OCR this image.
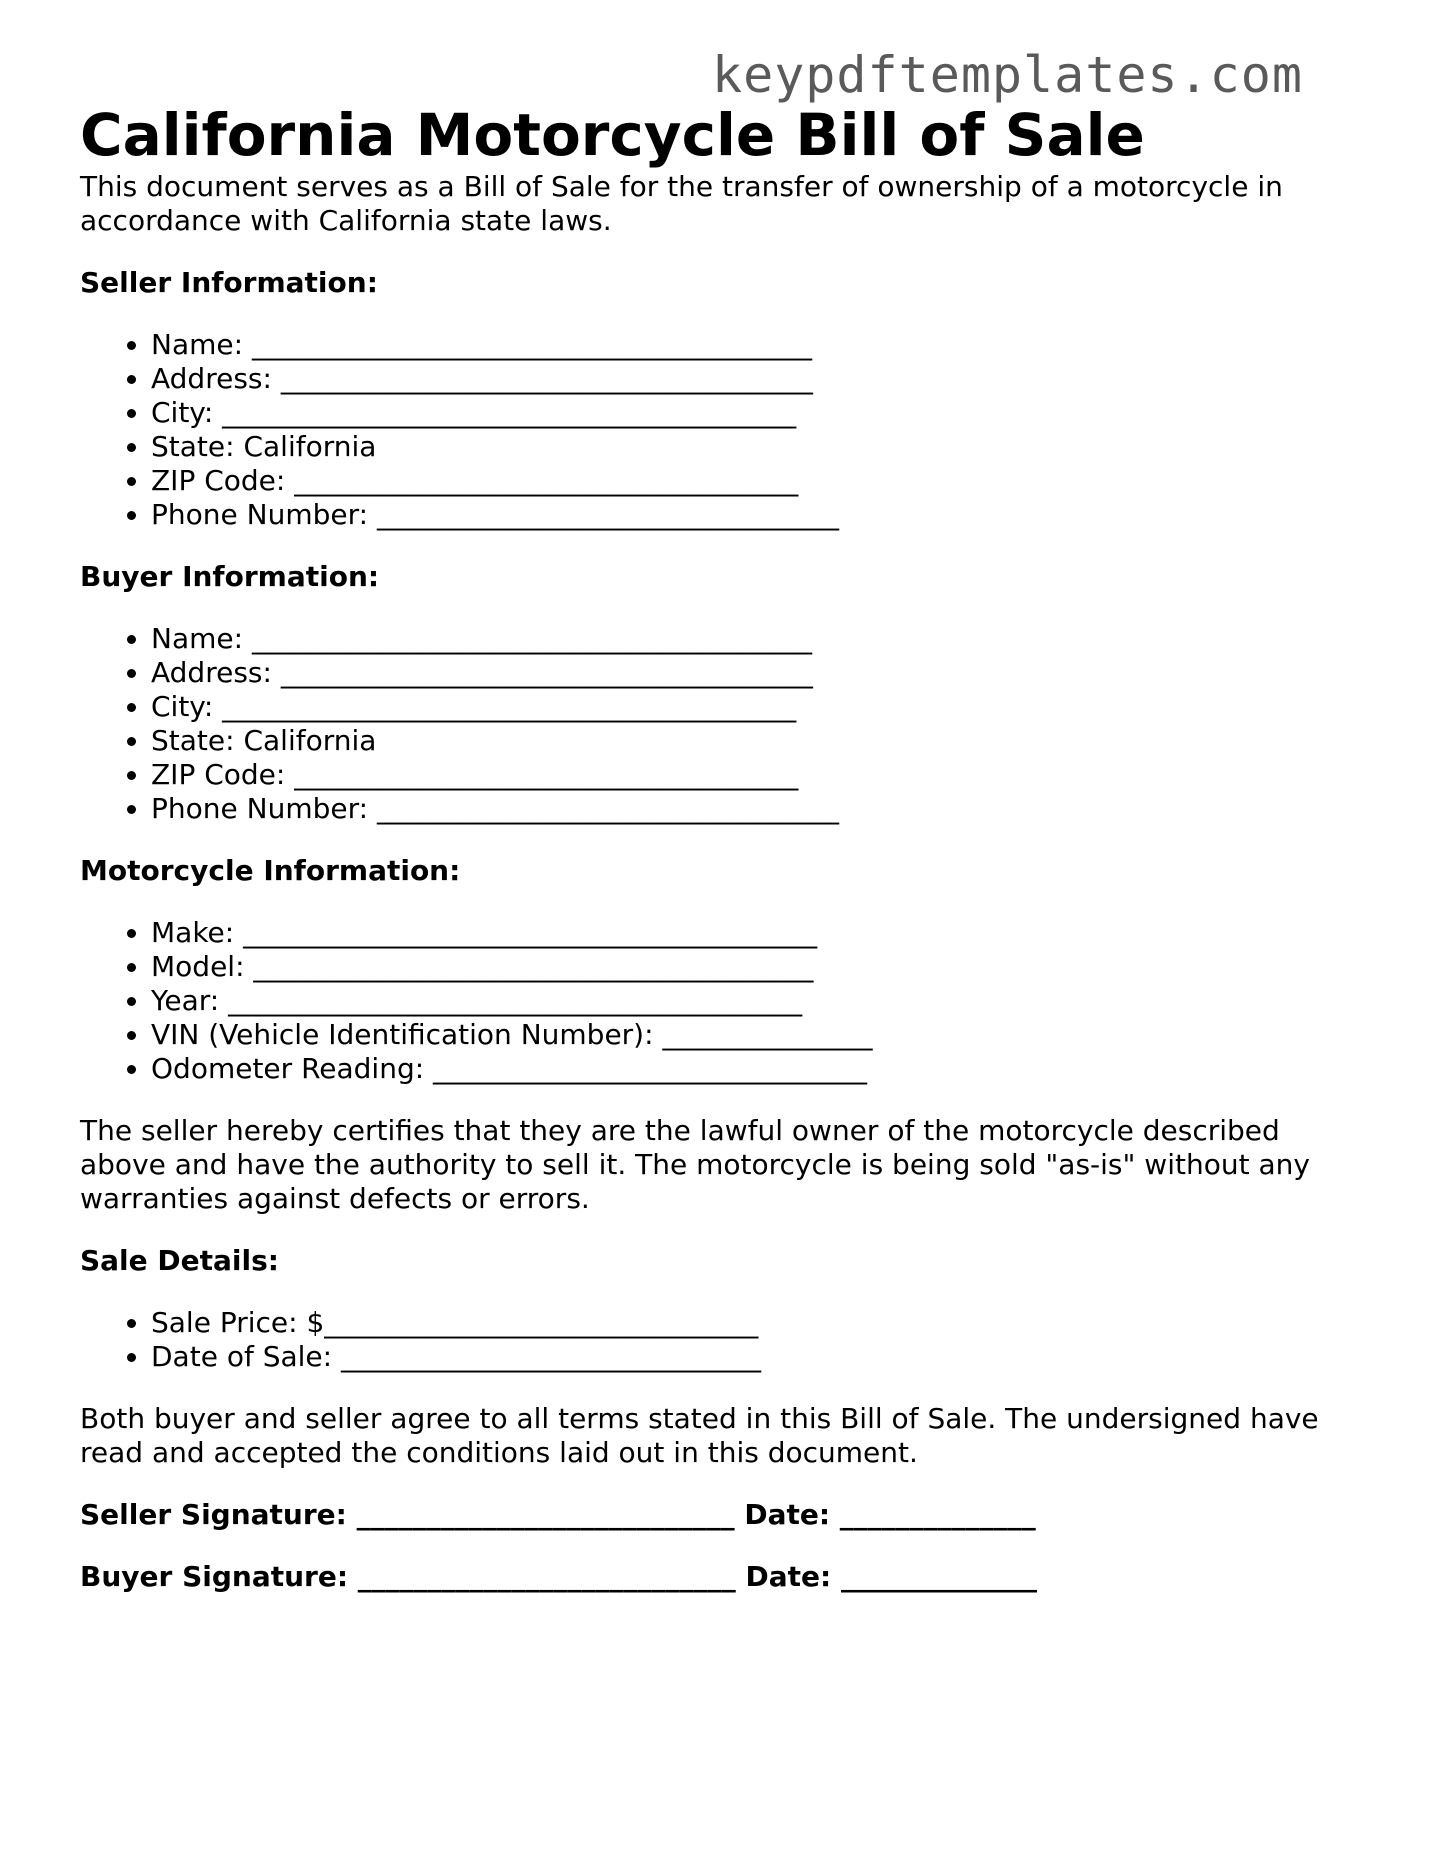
keypdftemplates.com
California Motorcycle Bill of Sale

This document serves as a Bill of Sale for the transfer of ownership of a motorcycle in accordance with California state laws.

Seller Information:

• Name: ________________________________________
• Address: ______________________________________
• City: _________________________________________
• State: California
• ZIP Code: ____________________________________
• Phone Number: _________________________________

Buyer Information:

• Name: ________________________________________
• Address: ______________________________________
• City: _________________________________________
• State: California
• ZIP Code: ____________________________________
• Phone Number: _________________________________

Motorcycle Information:

• Make: _________________________________________
• Model: ________________________________________
• Year: _________________________________________
• VIN (Vehicle Identification Number): _______________
• Odometer Reading: _______________________________

The seller hereby certifies that they are the lawful owner of the motorcycle described above and have the authority to sell it. The motorcycle is being sold "as-is" without any warranties against defects or errors.

Sale Details:

• Sale Price: $_______________________________
• Date of Sale: ______________________________

Both buyer and seller agree to all terms stated in this Bill of Sale. The undersigned have read and accepted the conditions laid out in this document.

Seller Signature: ___________________________ Date: ______________

Buyer Signature: ___________________________ Date: ______________
